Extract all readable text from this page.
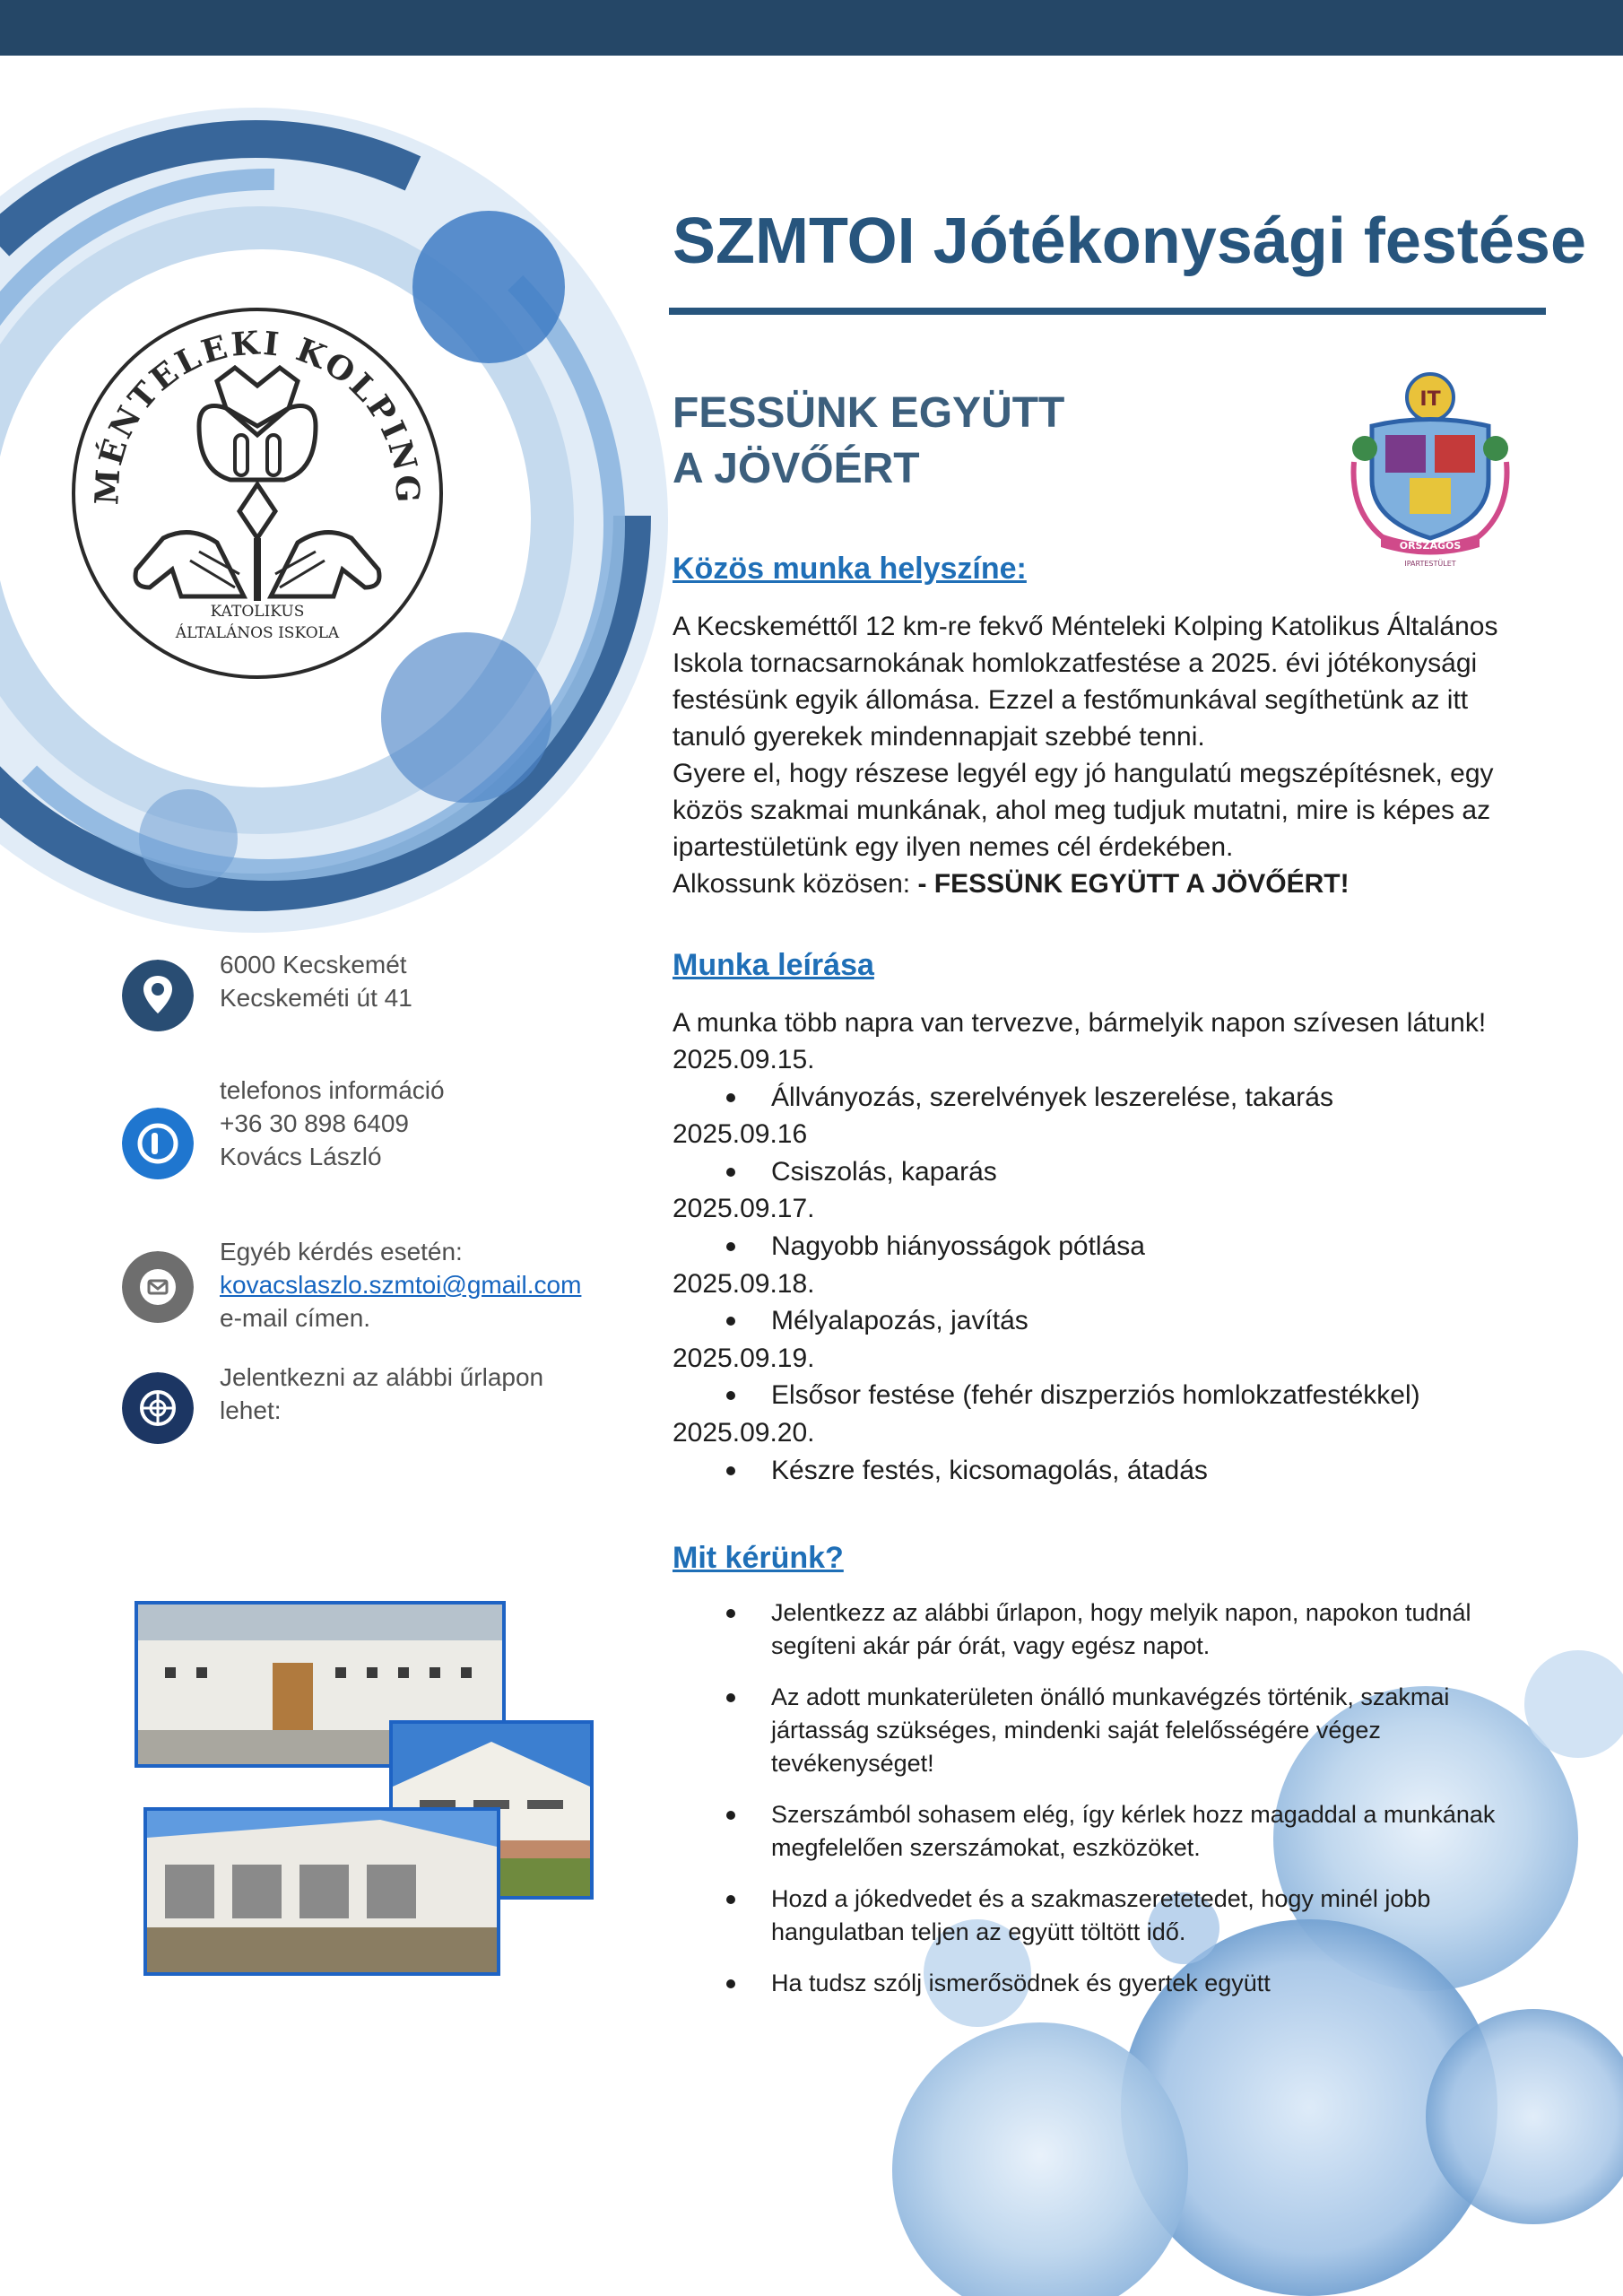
MÉNTELEKI KOLPING
KATOLIKUS
ÁLTALÁNOS ISKOLA
SZMTOI Jótékonysági festése
FESSÜNK EGYÜTT
A JÖVŐÉRT
IT
ORSZÁGOS
IPARTESTÜLET
Közös munka helyszíne:

A Kecskeméttől 12 km-re fekvő Ménteleki Kolping Katolikus Általános Iskola tornacsarnokának homlokzatfestése a 2025. évi jótékonysági festésünk egyik állomása. Ezzel a festőmunkával segíthetünk az itt tanuló gyerekek mindennapjait szebbé tenni.

Gyere el, hogy részese legyél egy jó hangulatú megszépítésnek, egy közös szakmai munkának, ahol meg tudjuk mutatni, mire is képes az ipartestületünk egy ilyen nemes cél érdekében.

Alkossunk közösen: - FESSÜNK EGYÜTT A JÖVŐÉRT!

Munka leírása
A munka több napra van tervezve, bármelyik napon szívesen látunk!
2025.09.15.
Állványozás, szerelvények leszerelése, takarás
2025.09.16
Csiszolás, kaparás
2025.09.17.
Nagyobb hiányosságok pótlása
2025.09.18.
Mélyalapozás, javítás
2025.09.19.
Elsősor festése (fehér diszperziós homlokzatfestékkel)
2025.09.20.
Készre festés, kicsomagolás, átadás
Mit kérünk?
Jelentkezz az alábbi űrlapon, hogy melyik napon, napokon tudnál segíteni akár pár órát, vagy egész napot.
Az adott munkaterületen önálló munkavégzés történik, szakmai jártasság szükséges, mindenki saját felelősségére végez tevékenységet!
Szerszámból sohasem elég, így kérlek hozz magaddal a munkának megfelelően szerszámokat, eszközöket.
Hozd a jókedvedet és a szakmaszeretetedet, hogy minél jobb hangulatban teljen az együtt töltött idő.
Ha tudsz szólj ismerősödnek és gyertek együtt
6000 Kecskemét
Kecskeméti út 41
telefonos információ
+36 30 898 6409
Kovács László
Egyéb kérdés esetén:
kovacslaszlo.szmtoi@gmail.com
e-mail címen.
Jelentkezni az alábbi űrlapon
lehet:
